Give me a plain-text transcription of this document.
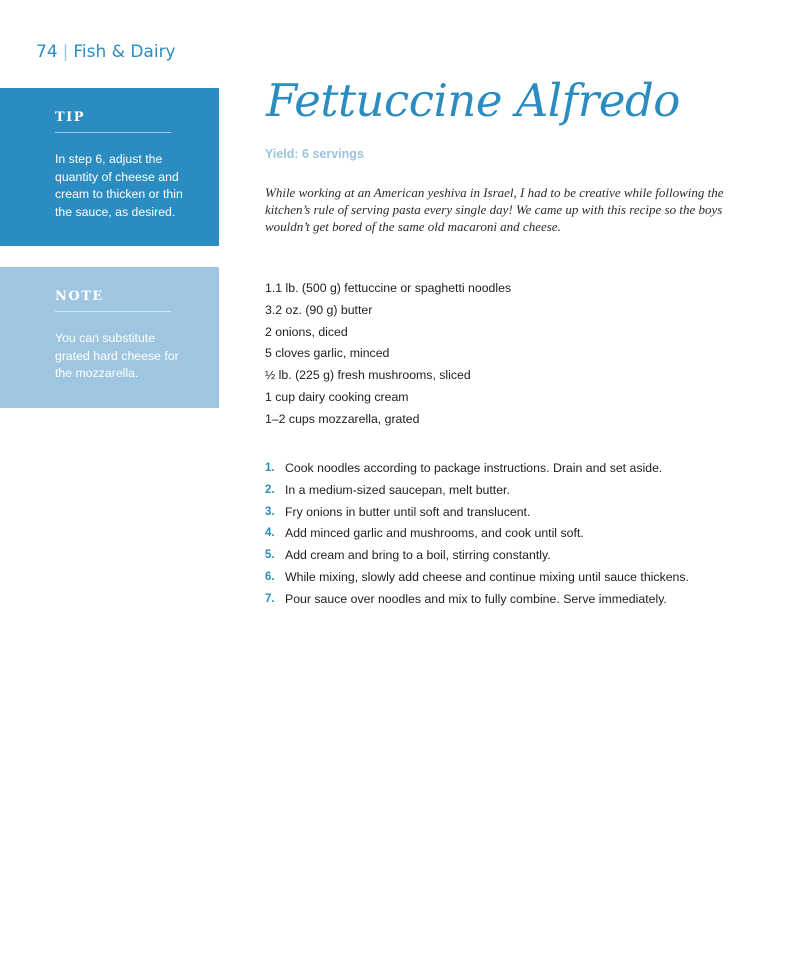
74 | Fish & Dairy
TIP
In step 6, adjust the quantity of cheese and cream to thicken or thin the sauce, as desired.
NOTE
You can substitute grated hard cheese for the mozzarella.
Fettuccine Alfredo
Yield: 6 servings
While working at an American yeshiva in Israel, I had to be creative while following the kitchen’s rule of serving pasta every single day! We came up with this recipe so the boys wouldn’t get bored of the same old macaroni and cheese.
1.1 lb. (500 g) fettuccine or spaghetti noodles
3.2 oz. (90 g) butter
2 onions, diced
5 cloves garlic, minced
½ lb. (225 g) fresh mushrooms, sliced
1 cup dairy cooking cream
1–2 cups mozzarella, grated
1. Cook noodles according to package instructions. Drain and set aside.
2. In a medium-sized saucepan, melt butter.
3. Fry onions in butter until soft and translucent.
4. Add minced garlic and mushrooms, and cook until soft.
5. Add cream and bring to a boil, stirring constantly.
6. While mixing, slowly add cheese and continue mixing until sauce thickens.
7. Pour sauce over noodles and mix to fully combine. Serve immediately.
